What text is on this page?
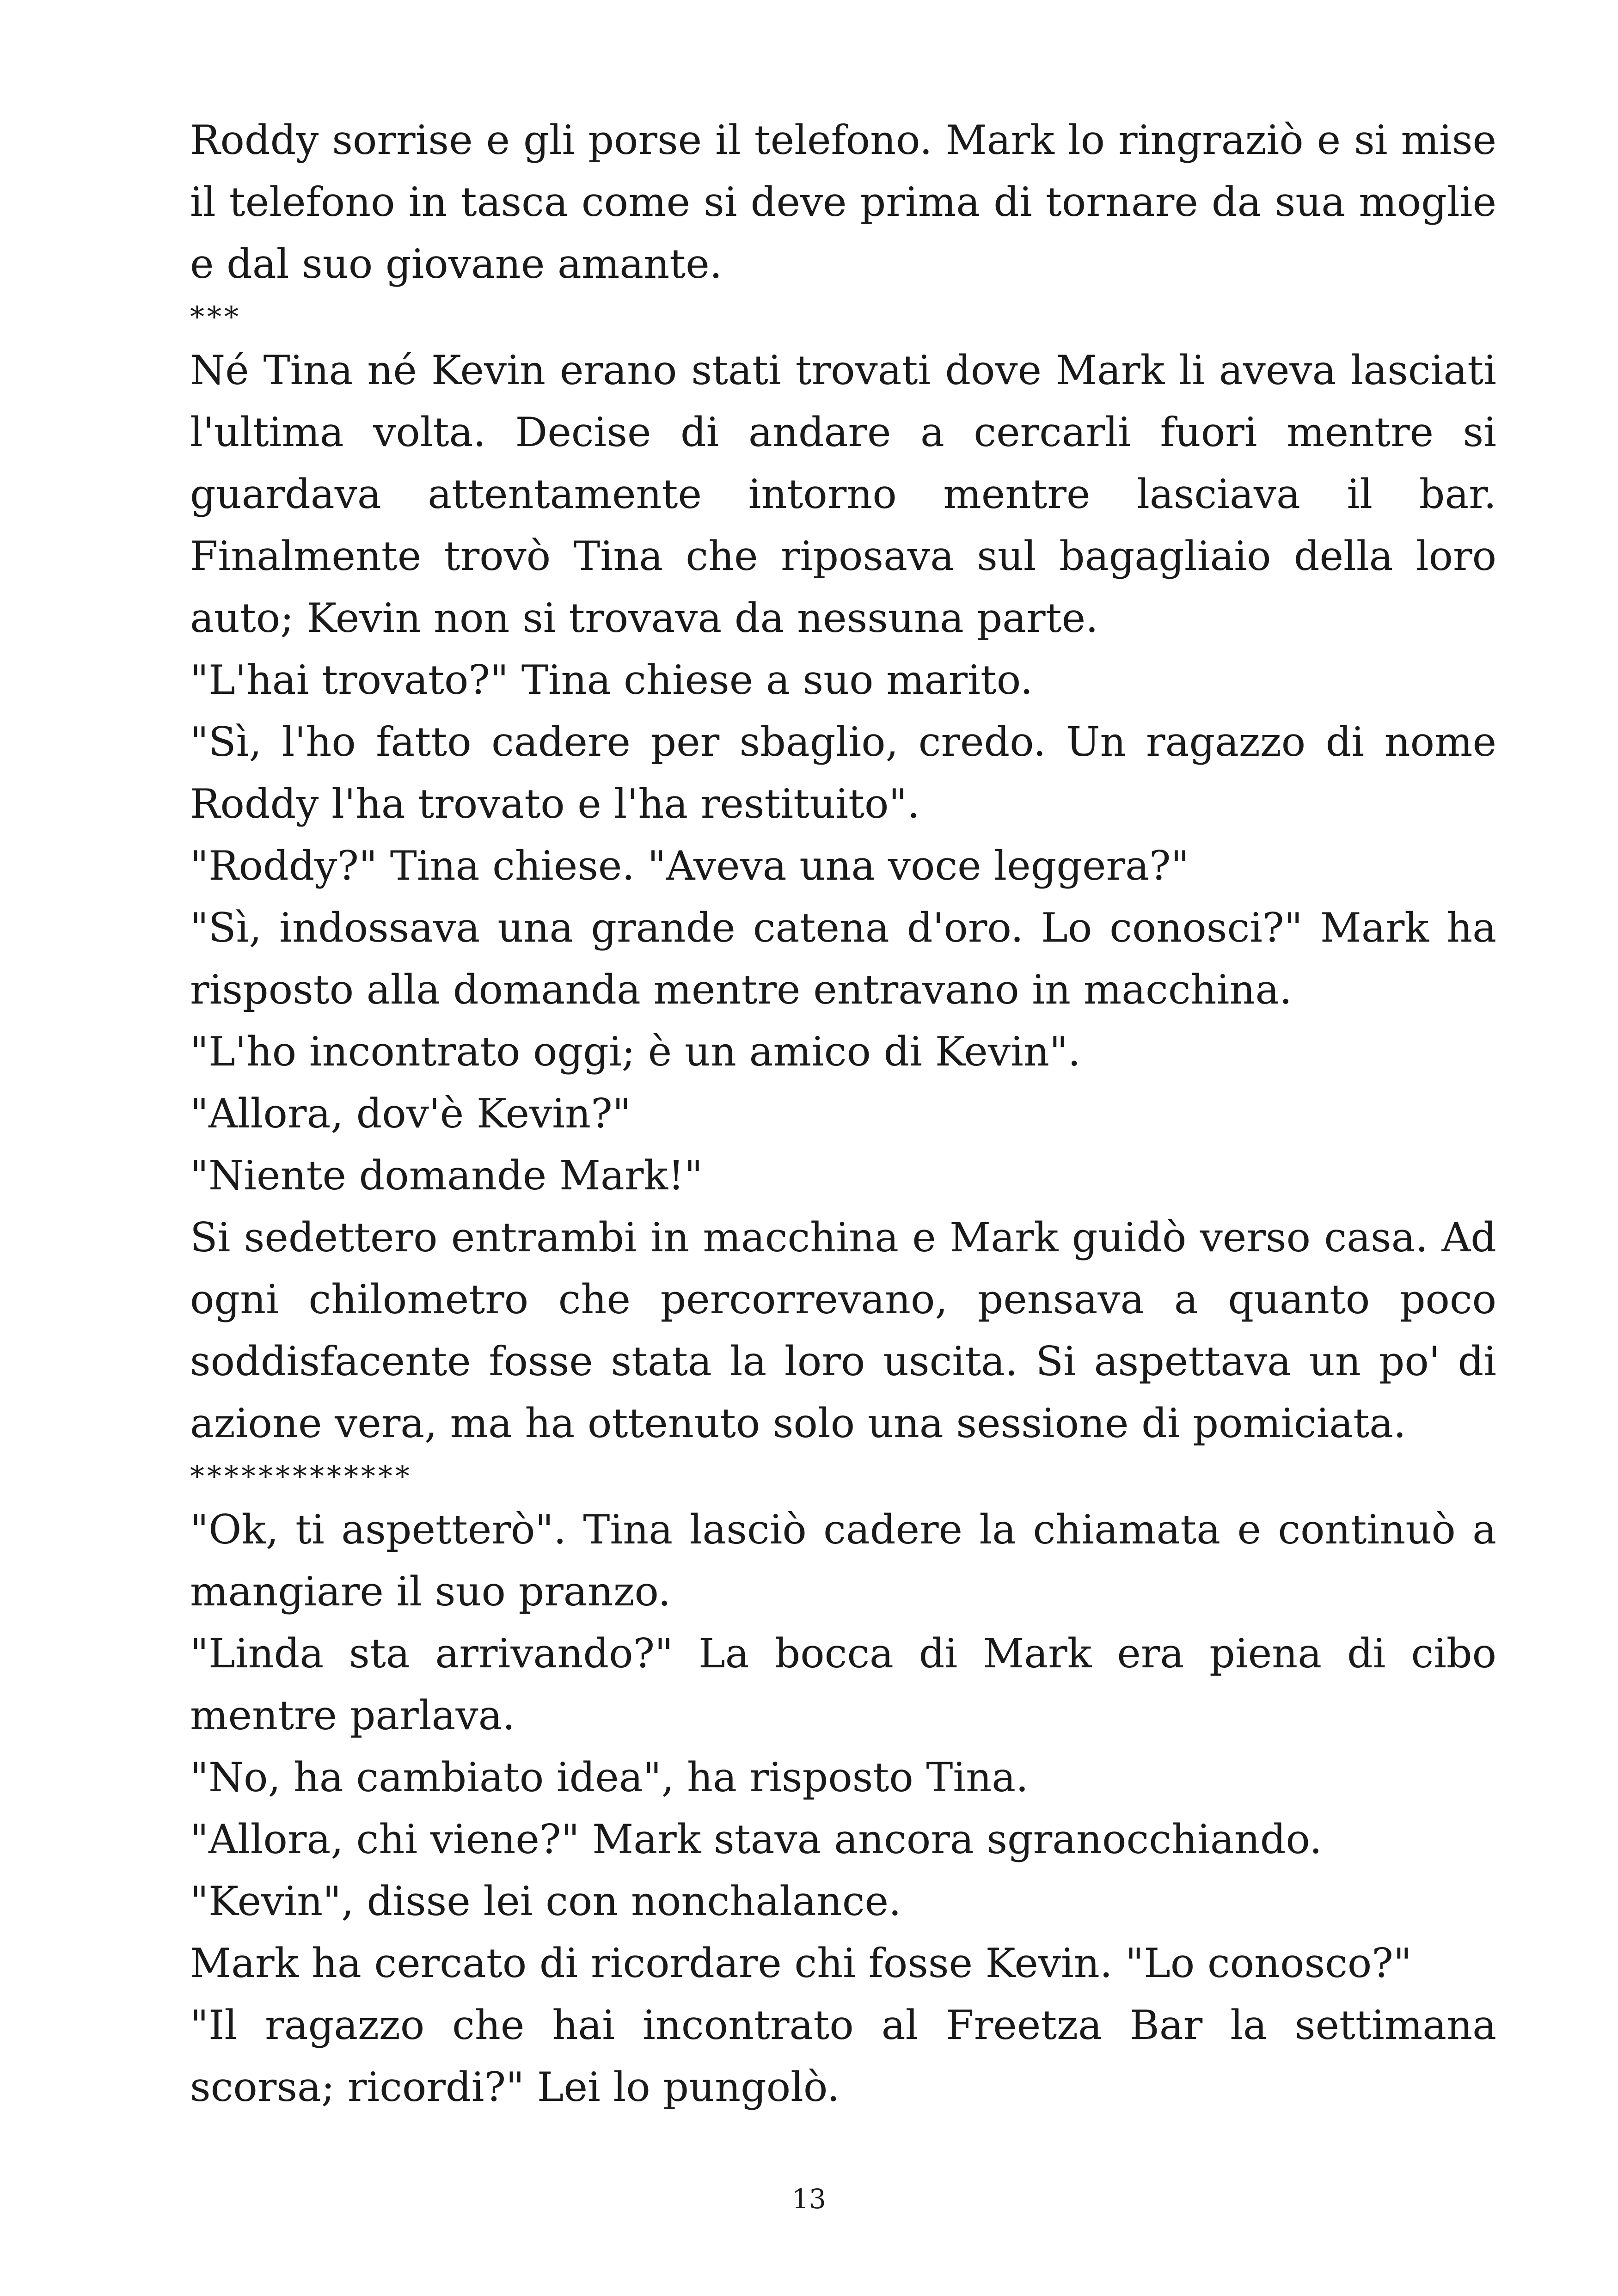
Roddy sorrise e gli porse il telefono. Mark lo ringraziò e si mise il telefono in tasca come si deve prima di tornare da sua moglie e dal suo giovane amante.

***

Né Tina né Kevin erano stati trovati dove Mark li aveva lasciati l'ultima volta. Decise di andare a cercarli fuori mentre si guardava attentamente intorno mentre lasciava il bar. Finalmente trovò Tina che riposava sul bagagliaio della loro auto; Kevin non si trovava da nessuna parte.

"L'hai trovato?" Tina chiese a suo marito.

"Sì, l'ho fatto cadere per sbaglio, credo. Un ragazzo di nome Roddy l'ha trovato e l'ha restituito".

"Roddy?" Tina chiese. "Aveva una voce leggera?"

"Sì, indossava una grande catena d'oro. Lo conosci?" Mark ha risposto alla domanda mentre entravano in macchina.

"L'ho incontrato oggi; è un amico di Kevin".

"Allora, dov'è Kevin?"

"Niente domande Mark!"

Si sedettero entrambi in macchina e Mark guidò verso casa. Ad ogni chilometro che percorrevano, pensava a quanto poco soddisfacente fosse stata la loro uscita. Si aspettava un po' di azione vera, ma ha ottenuto solo una sessione di pomiciata.

*************

"Ok, ti aspetterò". Tina lasciò cadere la chiamata e continuò a mangiare il suo pranzo.

"Linda sta arrivando?" La bocca di Mark era piena di cibo mentre parlava.

"No, ha cambiato idea", ha risposto Tina.

"Allora, chi viene?" Mark stava ancora sgranocchiando.

"Kevin", disse lei con nonchalance.

Mark ha cercato di ricordare chi fosse Kevin. "Lo conosco?"

"Il ragazzo che hai incontrato al Freetza Bar la settimana scorsa; ricordi?" Lei lo pungolò.

13
